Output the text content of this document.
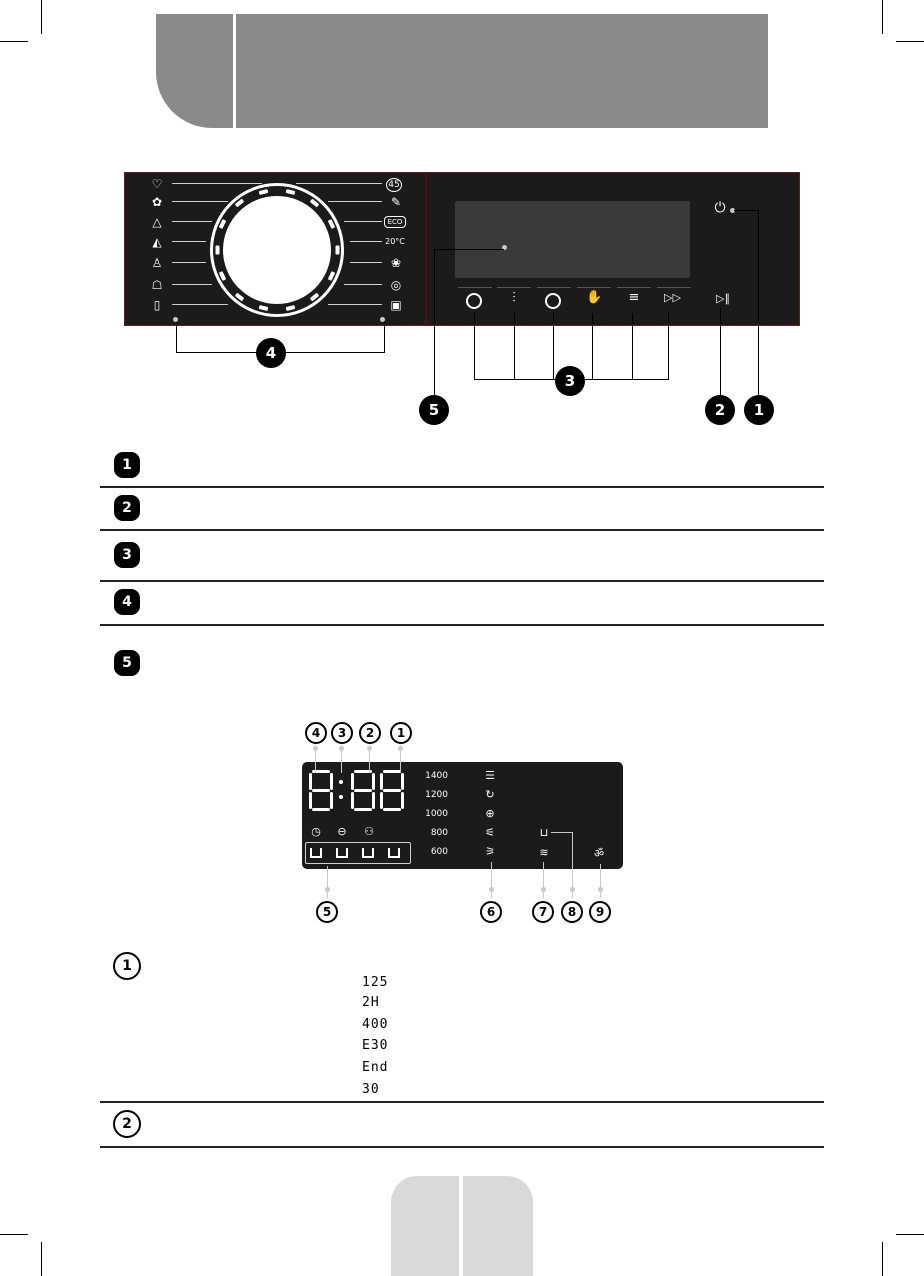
♡
✿
△
◭
♙
☖
▯
45
✎
ECO
20°C
❀
◎
▣	⫶	✋ ≡ ▷▷
⏻
▷∥
4
3
5	2	1
1
2
3
4
5
◷ ⊖ ⚇
1400
1200
1000
800
600
☰
↻
⊕
⚟
⚞
⊔
≋	ॐ
4	3	2	1
5	6	7	8	9
1
125
2H
400
E30
End
30
2
